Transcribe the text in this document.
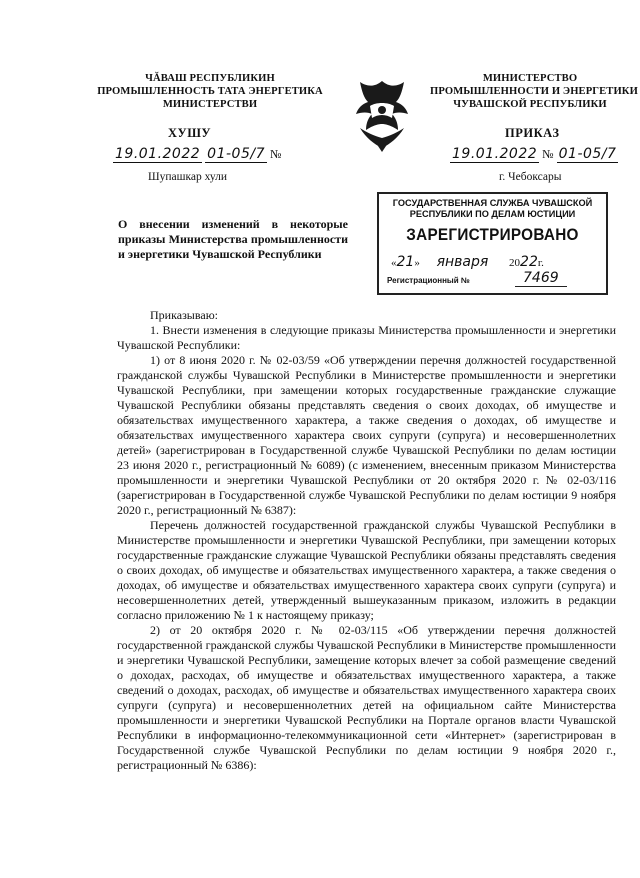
ЧĂВАШ РЕСПУБЛИКИН
ПРОМЫШЛЕННОСТЬ ТАТА ЭНЕРГЕТИКА
МИНИСТЕРСТВИ
МИНИСТЕРСТВО
ПРОМЫШЛЕННОСТИ И ЭНЕРГЕТИКИ
ЧУВАШСКОЙ РЕСПУБЛИКИ
ХУШУ	ПРИКАЗ
19.01.2022 01-05/7 №	19.01.2022 № 01-05/7
Шупашкар хули	г. Чебоксары
ГОСУДАРСТВЕННАЯ СЛУЖБА ЧУВАШСКОЙ
РЕСПУБЛИКИ ПО ДЕЛАМ ЮСТИЦИИ
ЗАРЕГИСТРИРОВАНО
«21» января 2022г.
Регистрационный №	7469
О внесении изменений в некоторые приказы Министерства промышленности и энергетики Чувашской Республики

Приказываю:

1. Внести изменения в следующие приказы Министерства промышленности и энергетики Чувашской Республики:

1) от 8 июня 2020 г. № 02-03/59 «Об утверждении перечня должностей государственной гражданской службы Чувашской Республики в Министерстве промышленности и энергетики Чувашской Республики, при замещении которых государственные гражданские служащие Чувашской Республики обязаны представлять сведения о своих доходах, об имуществе и обязательствах имущественного характера, а также сведения о доходах, об имуществе и обязательствах имущественного характера своих супруги (супруга) и несовершеннолетних детей» (зарегистрирован в Государственной службе Чувашской Республики по делам юстиции 23 июня 2020 г., регистрационный № 6089) (с изменением, внесенным приказом Министерства промышленности и энергетики Чувашской Республики от 20 октября 2020 г. № 02-03/116 (зарегистрирован в Государственной службе Чувашской Республики по делам юстиции 9 ноября 2020 г., регистрационный № 6387):

Перечень должностей государственной гражданской службы Чувашской Республики в Министерстве промышленности и энергетики Чувашской Республики, при замещении которых государственные гражданские служащие Чувашской Республики обязаны представлять сведения о своих доходах, об имуществе и обязательствах имущественного характера, а также сведения о доходах, об имуществе и обязательствах имущественного характера своих супруги (супруга) и несовершеннолетних детей, утвержденный вышеуказанным приказом, изложить в редакции согласно приложению № 1 к настоящему приказу;

2) от 20 октября 2020 г. № 02-03/115 «Об утверждении перечня должностей государственной гражданской службы Чувашской Республики в Министерстве промышленности и энергетики Чувашской Республики, замещение которых влечет за собой размещение сведений о доходах, расходах, об имуществе и обязательствах имущественного характера, а также сведений о доходах, расходах, об имуществе и обязательствах имущественного характера своих супруги (супруга) и несовершеннолетних детей на официальном сайте Министерства промышленности и энергетики Чувашской Республики на Портале органов власти Чувашской Республики в информационно-телекоммуникационной сети «Интернет» (зарегистрирован в Государственной службе Чувашской Республики по делам юстиции 9 ноября 2020 г., регистрационный № 6386):
